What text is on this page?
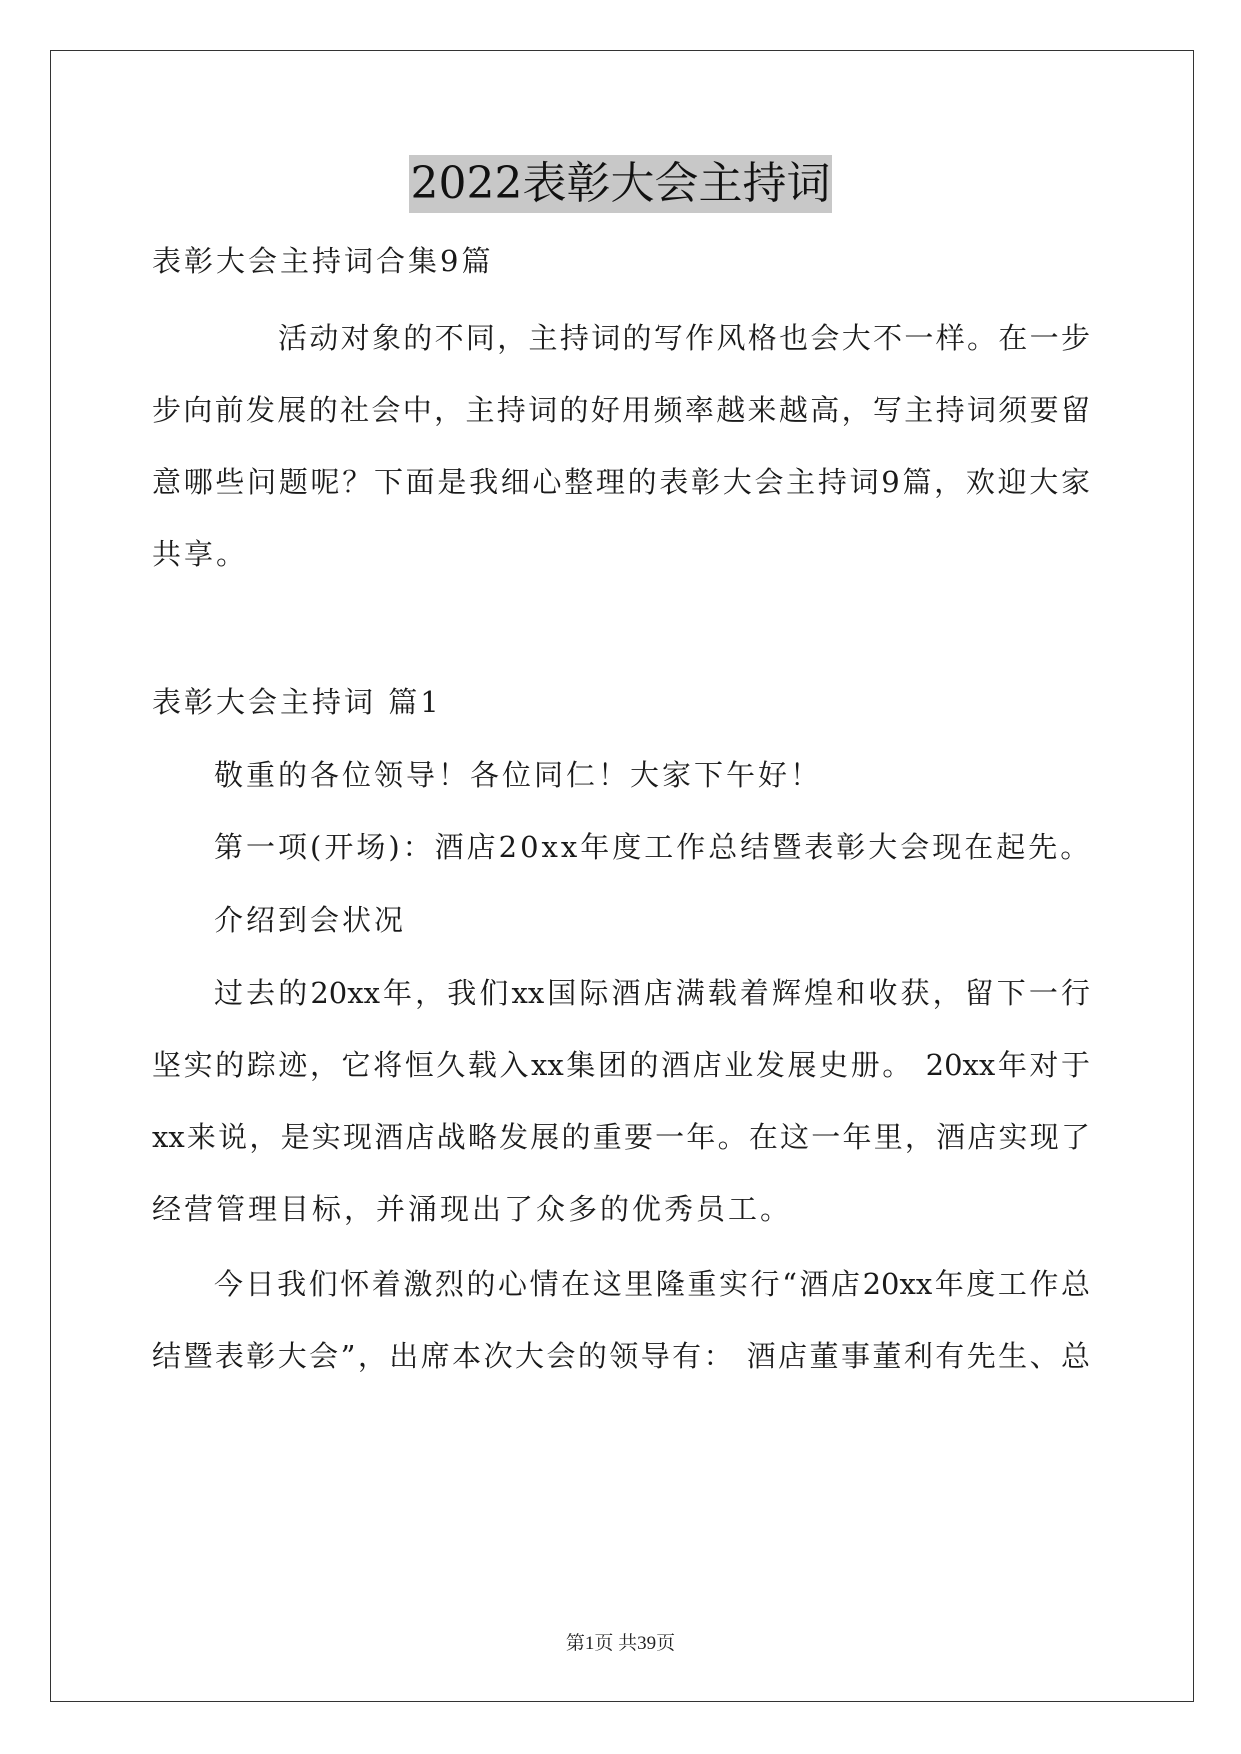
2022表彰大会主持词
表彰大会主持词合集9篇
活动对象的不同，主持词的写作风格也会大不一样。在一步
步向前发展的社会中，主持词的好用频率越来越高，写主持词须要留
意哪些问题呢？下面是我细心整理的表彰大会主持词9篇，欢迎大家
共享。
表彰大会主持词 篇1
敬重的各位领导！各位同仁！大家下午好！
第一项(开场)：酒店20xx年度工作总结暨表彰大会现在起先。
介绍到会状况
过去的20xx年，我们xx国际酒店满载着辉煌和收获，留下一行
坚实的踪迹，它将恒久载入xx集团的酒店业发展史册。 20xx年对于
xx来说，是实现酒店战略发展的重要一年。在这一年里，酒店实现了
经营管理目标，并涌现出了众多的优秀员工。
今日我们怀着激烈的心情在这里隆重实行“酒店20xx年度工作总
结暨表彰大会”，出席本次大会的领导有： 酒店董事董利有先生、总
第1页 共39页
